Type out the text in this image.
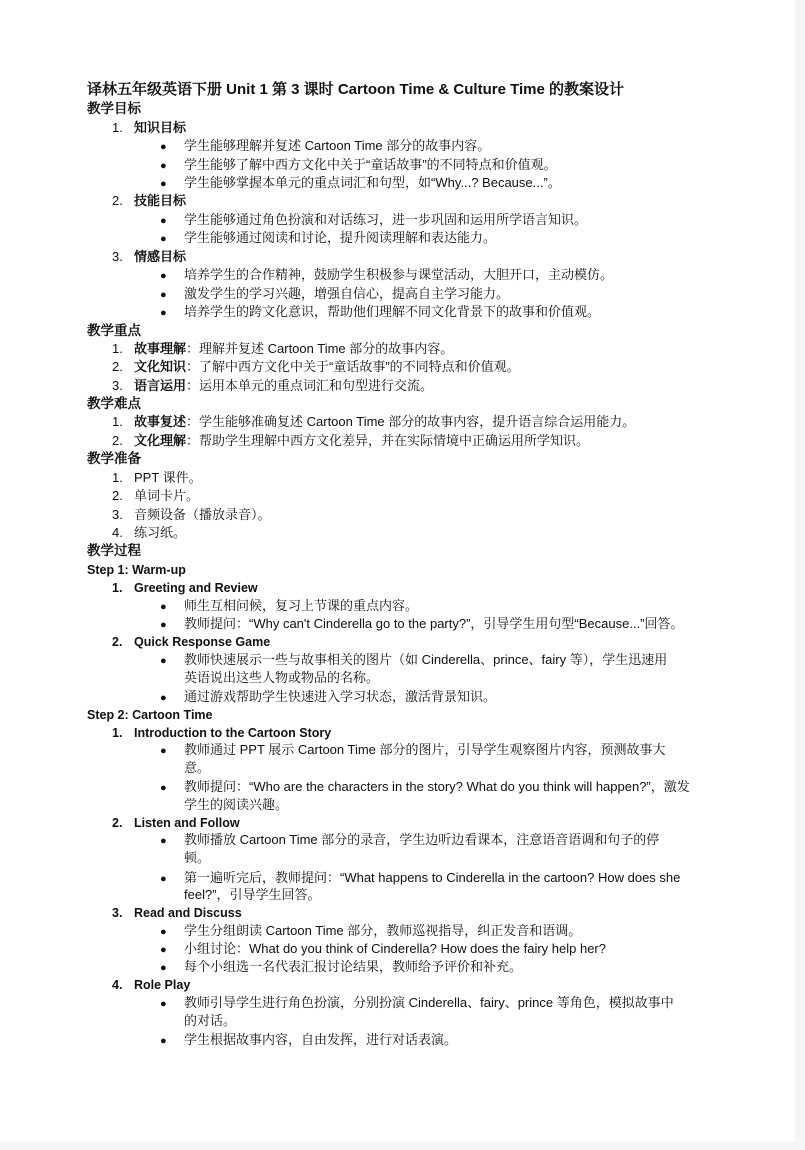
译林五年级英语下册 Unit 1 第 3 课时 Cartoon Time & Culture Time 的教案设计
教学目标
1. 知识目标
● 学生能够理解并复述 Cartoon Time 部分的故事内容。
● 学生能够了解中西方文化中关于“童话故事”的不同特点和价值观。
● 学生能够掌握本单元的重点词汇和句型，如“Why...? Because...”。
2. 技能目标
● 学生能够通过角色扮演和对话练习，进一步巩固和运用所学语言知识。
● 学生能够通过阅读和讨论，提升阅读理解和表达能力。
3. 情感目标
● 培养学生的合作精神，鼓励学生积极参与课堂活动，大胆开口，主动模仿。
● 激发学生的学习兴趣，增强自信心，提高自主学习能力。
● 培养学生的跨文化意识，帮助他们理解不同文化背景下的故事和价值观。
教学重点
1. 故事理解：理解并复述 Cartoon Time 部分的故事内容。
2. 文化知识：了解中西方文化中关于“童话故事”的不同特点和价值观。
3. 语言运用：运用本单元的重点词汇和句型进行交流。
教学难点
1. 故事复述：学生能够准确复述 Cartoon Time 部分的故事内容，提升语言综合运用能力。
2. 文化理解：帮助学生理解中西方文化差异，并在实际情境中正确运用所学知识。
教学准备
1. PPT 课件。
2. 单词卡片。
3. 音频设备（播放录音）。
4. 练习纸。
教学过程
Step 1: Warm-up
1. Greeting and Review
● 师生互相问候，复习上节课的重点内容。
● 教师提问：“Why can't Cinderella go to the party?”，引导学生用句型“Because...”回答。
2. Quick Response Game
● 教师快速展示一些与故事相关的图片（如 Cinderella、prince、fairy 等），学生迅速用
英语说出这些人物或物品的名称。
● 通过游戏帮助学生快速进入学习状态，激活背景知识。
Step 2: Cartoon Time
1. Introduction to the Cartoon Story
● 教师通过 PPT 展示 Cartoon Time 部分的图片，引导学生观察图片内容，预测故事大
意。
● 教师提问：“Who are the characters in the story? What do you think will happen?”，激发
学生的阅读兴趣。
2. Listen and Follow
● 教师播放 Cartoon Time 部分的录音，学生边听边看课本，注意语音语调和句子的停
顿。
● 第一遍听完后，教师提问：“What happens to Cinderella in the cartoon? How does she
feel?”，引导学生回答。
3. Read and Discuss
● 学生分组朗读 Cartoon Time 部分，教师巡视指导，纠正发音和语调。
● 小组讨论：What do you think of Cinderella? How does the fairy help her?
● 每个小组选一名代表汇报讨论结果，教师给予评价和补充。
4. Role Play
● 教师引导学生进行角色扮演，分别扮演 Cinderella、fairy、prince 等角色，模拟故事中
的对话。
● 学生根据故事内容，自由发挥，进行对话表演。
